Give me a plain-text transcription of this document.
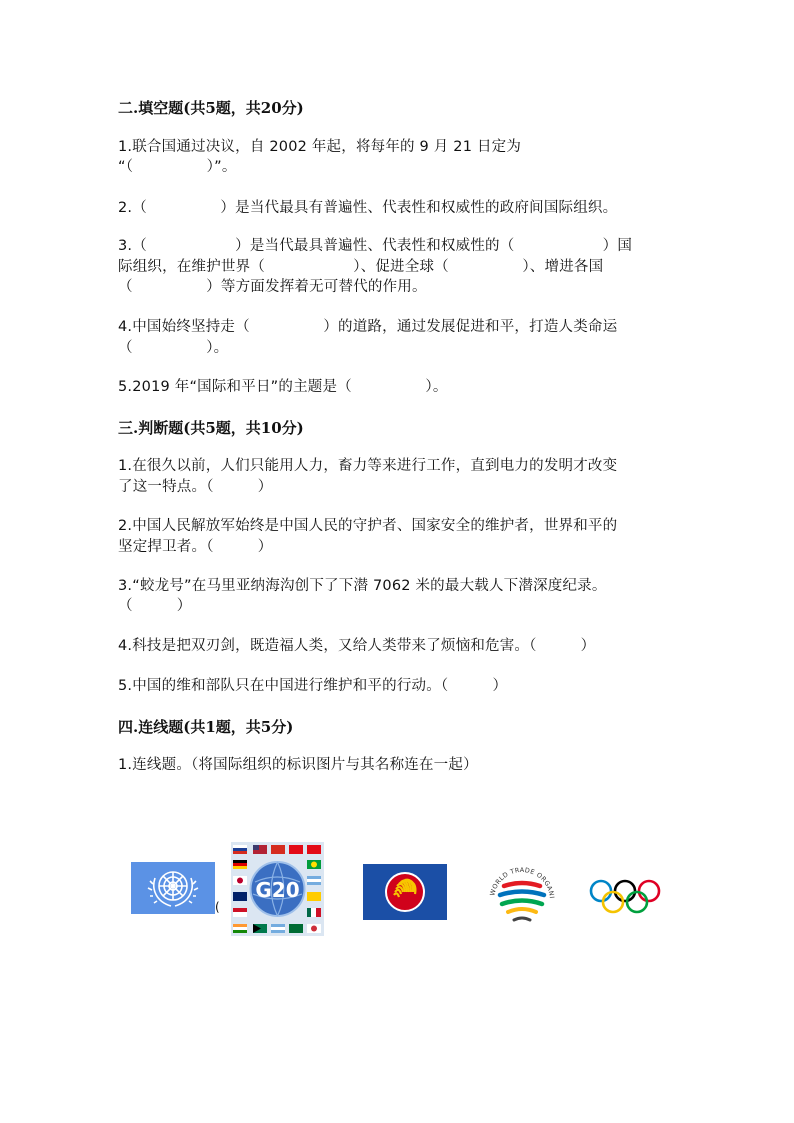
二.填空题(共5题，共20分)
1.联合国通过决议，自 2002 年起，将每年的 9 月 21 日定为
“（　　　　　）”。
2.（　　　　　）是当代最具有普遍性、代表性和权威性的政府间国际组织。
3.（　　　　　　）是当代最具普遍性、代表性和权威性的（　　　　　　）国
际组织，在维护世界（　　　　　　）、促进全球（　　　　　）、增进各国
（　　　　　）等方面发挥着无可替代的作用。
4.中国始终坚持走（　　　　　）的道路，通过发展促进和平，打造人类命运
（　　　　　）。
5.2019 年“国际和平日”的主题是（　　　　　）。
三.判断题(共5题，共10分)
1.在很久以前，人们只能用人力，畜力等来进行工作，直到电力的发明才改变
了这一特点。（　　　）
2.中国人民解放军始终是中国人民的守护者、国家安全的维护者，世界和平的
坚定捍卫者。（　　　）
3.“蛟龙号”在马里亚纳海沟创下了下潜 7062 米的最大载人下潜深度纪录。
（　　　）
4.科技是把双刃剑，既造福人类，又给人类带来了烦恼和危害。（　　　）
5.中国的维和部队只在中国进行维护和平的行动。（　　　）
四.连线题(共1题，共5分)
1.连线题。（将国际组织的标识图片与其名称连在一起）
(
G20	WORLD TRADE ORGANI
